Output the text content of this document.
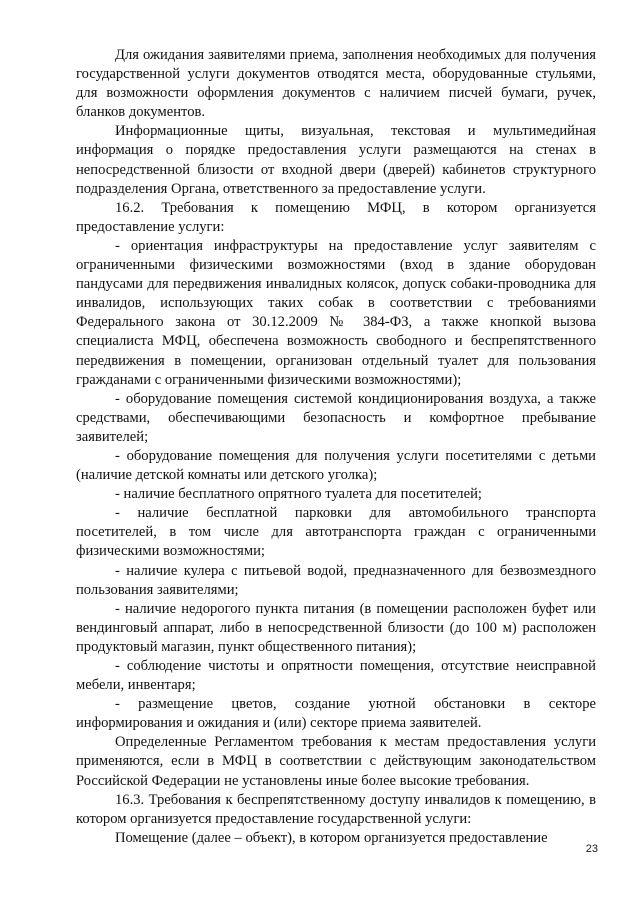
Для ожидания заявителями приема, заполнения необходимых для получения государственной услуги документов отводятся места, оборудованные стульями, для возможности оформления документов с наличием писчей бумаги, ручек, бланков документов.

Информационные щиты, визуальная, текстовая и мультимедийная информация о порядке предоставления услуги размещаются на стенах в непосредственной близости от входной двери (дверей) кабинетов структурного подразделения Органа, ответственного за предоставление услуги.

16.2. Требования к помещению МФЦ, в котором организуется предоставление услуги:

- ориентация инфраструктуры на предоставление услуг заявителям с ограниченными физическими возможностями (вход в здание оборудован пандусами для передвижения инвалидных колясок, допуск собаки-проводника для инвалидов, использующих таких собак в соответствии с требованиями Федерального закона от 30.12.2009 № 384-ФЗ, а также кнопкой вызова специалиста МФЦ, обеспечена возможность свободного и беспрепятственного передвижения в помещении, организован отдельный туалет для пользования гражданами с ограниченными физическими возможностями);

- оборудование помещения системой кондиционирования воздуха, а также средствами, обеспечивающими безопасность и комфортное пребывание заявителей;

- оборудование помещения для получения услуги посетителями с детьми (наличие детской комнаты или детского уголка);

- наличие бесплатного опрятного туалета для посетителей;

- наличие бесплатной парковки для автомобильного транспорта посетителей, в том числе для автотранспорта граждан с ограниченными физическими возможностями;

- наличие кулера с питьевой водой, предназначенного для безвозмездного пользования заявителями;

- наличие недорогого пункта питания (в помещении расположен буфет или вендинговый аппарат, либо в непосредственной близости (до 100 м) расположен продуктовый магазин, пункт общественного питания);

- соблюдение чистоты и опрятности помещения, отсутствие неисправной мебели, инвентаря;

- размещение цветов, создание уютной обстановки в секторе информирования и ожидания и (или) секторе приема заявителей.

Определенные Регламентом требования к местам предоставления услуги применяются, если в МФЦ в соответствии с действующим законодательством Российской Федерации не установлены иные более высокие требования.

16.3. Требования к беспрепятственному доступу инвалидов к помещению, в котором организуется предоставление государственной услуги:

Помещение (далее – объект), в котором организуется предоставление

23
